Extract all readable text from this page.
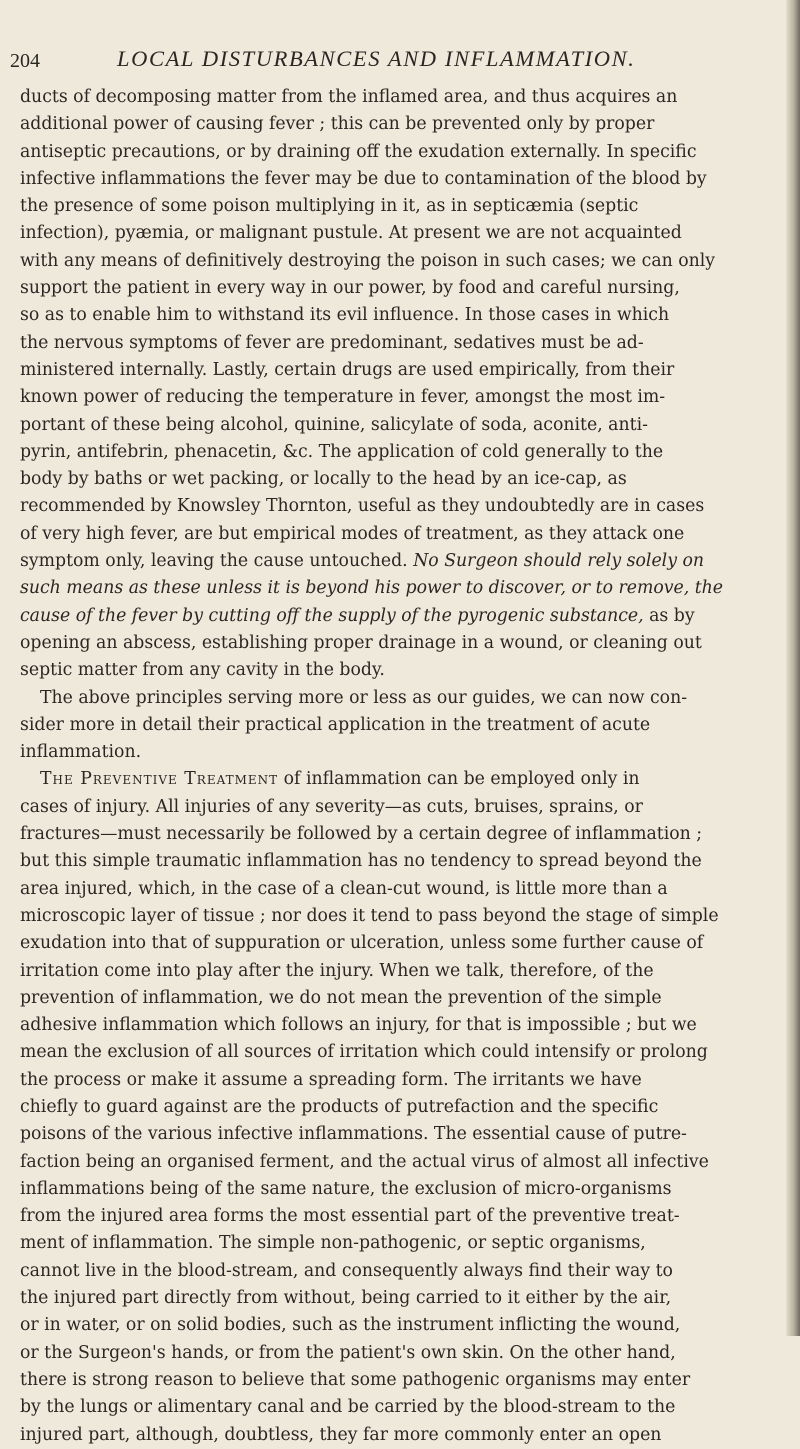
204	LOCAL DISTURBANCES AND INFLAMMATION.
ducts of decomposing matter from the inflamed area, and thus acquires an
additional power of causing fever ; this can be prevented only by proper
antiseptic precautions, or by draining off the exudation externally. In specific
infective inflammations the fever may be due to contamination of the blood by
the presence of some poison multiplying in it, as in septicæmia (septic
infection), pyæmia, or malignant pustule. At present we are not acquainted
with any means of definitively destroying the poison in such cases; we can only
support the patient in every way in our power, by food and careful nursing,
so as to enable him to withstand its evil influence. In those cases in which
the nervous symptoms of fever are predominant, sedatives must be ad-
ministered internally. Lastly, certain drugs are used empirically, from their
known power of reducing the temperature in fever, amongst the most im-
portant of these being alcohol, quinine, salicylate of soda, aconite, anti-
pyrin, antifebrin, phenacetin, &c. The application of cold generally to the
body by baths or wet packing, or locally to the head by an ice-cap, as
recommended by Knowsley Thornton, useful as they undoubtedly are in cases
of very high fever, are but empirical modes of treatment, as they attack one
symptom only, leaving the cause untouched. No Surgeon should rely solely on
such means as these unless it is beyond his power to discover, or to remove, the
cause of the fever by cutting off the supply of the pyrogenic substance, as by
opening an abscess, establishing proper drainage in a wound, or cleaning out
septic matter from any cavity in the body.
The above principles serving more or less as our guides, we can now con-
sider more in detail their practical application in the treatment of acute
inflammation.
The Preventive Treatment of inflammation can be employed only in
cases of injury. All injuries of any severity—as cuts, bruises, sprains, or
fractures—must necessarily be followed by a certain degree of inflammation ;
but this simple traumatic inflammation has no tendency to spread beyond the
area injured, which, in the case of a clean-cut wound, is little more than a
microscopic layer of tissue ; nor does it tend to pass beyond the stage of simple
exudation into that of suppuration or ulceration, unless some further cause of
irritation come into play after the injury. When we talk, therefore, of the
prevention of inflammation, we do not mean the prevention of the simple
adhesive inflammation which follows an injury, for that is impossible ; but we
mean the exclusion of all sources of irritation which could intensify or prolong
the process or make it assume a spreading form. The irritants we have
chiefly to guard against are the products of putrefaction and the specific
poisons of the various infective inflammations. The essential cause of putre-
faction being an organised ferment, and the actual virus of almost all infective
inflammations being of the same nature, the exclusion of micro-organisms
from the injured area forms the most essential part of the preventive treat-
ment of inflammation. The simple non-pathogenic, or septic organisms,
cannot live in the blood-stream, and consequently always find their way to
the injured part directly from without, being carried to it either by the air,
or in water, or on solid bodies, such as the instrument inflicting the wound,
or the Surgeon's hands, or from the patient's own skin. On the other hand,
there is strong reason to believe that some pathogenic organisms may enter
by the lungs or alimentary canal and be carried by the blood-stream to the
injured part, although, doubtless, they far more commonly enter an open
